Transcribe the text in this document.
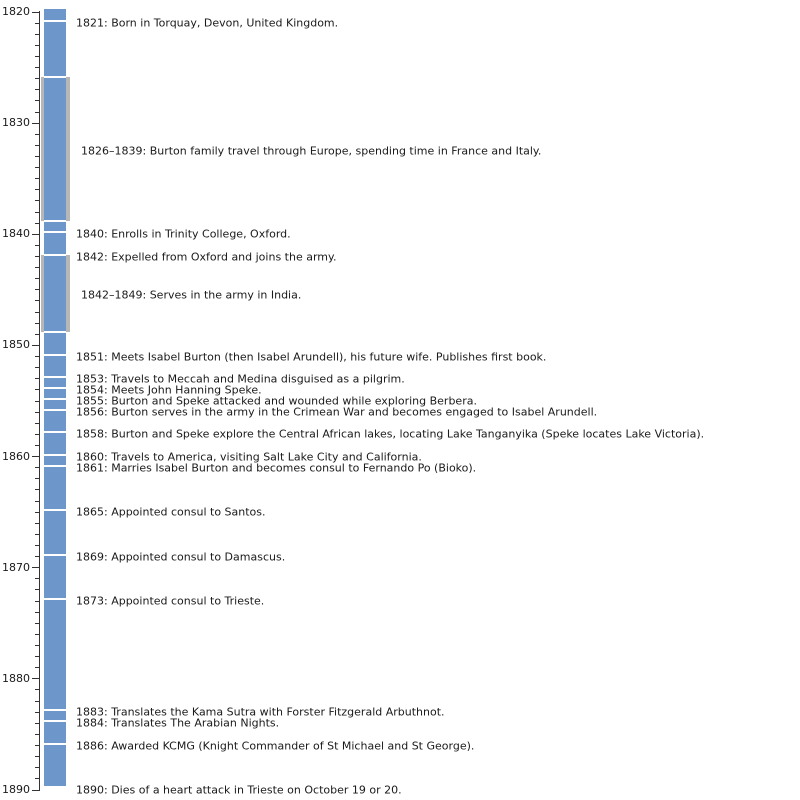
1820
1830
1840
1850
1860
1870
1880
1890
1821: Born in Torquay, Devon, United Kingdom.
1826–1839: Burton family travel through Europe, spending time in France and Italy.
1840: Enrolls in Trinity College, Oxford.
1842: Expelled from Oxford and joins the army.
1842–1849: Serves in the army in India.
1851: Meets Isabel Burton (then Isabel Arundell), his future wife. Publishes first book.
1853: Travels to Meccah and Medina disguised as a pilgrim.
1854: Meets John Hanning Speke.
1855: Burton and Speke attacked and wounded while exploring Berbera.
1856: Burton serves in the army in the Crimean War and becomes engaged to Isabel Arundell.
1858: Burton and Speke explore the Central African lakes, locating Lake Tanganyika (Speke locates Lake Victoria).
1860: Travels to America, visiting Salt Lake City and California.
1861: Marries Isabel Burton and becomes consul to Fernando Po (Bioko).
1865: Appointed consul to Santos.
1869: Appointed consul to Damascus.
1873: Appointed consul to Trieste.
1883: Translates the Kama Sutra with Forster Fitzgerald Arbuthnot.
1884: Translates The Arabian Nights.
1886: Awarded KCMG (Knight Commander of St Michael and St George).
1890: Dies of a heart attack in Trieste on October 19 or 20.
